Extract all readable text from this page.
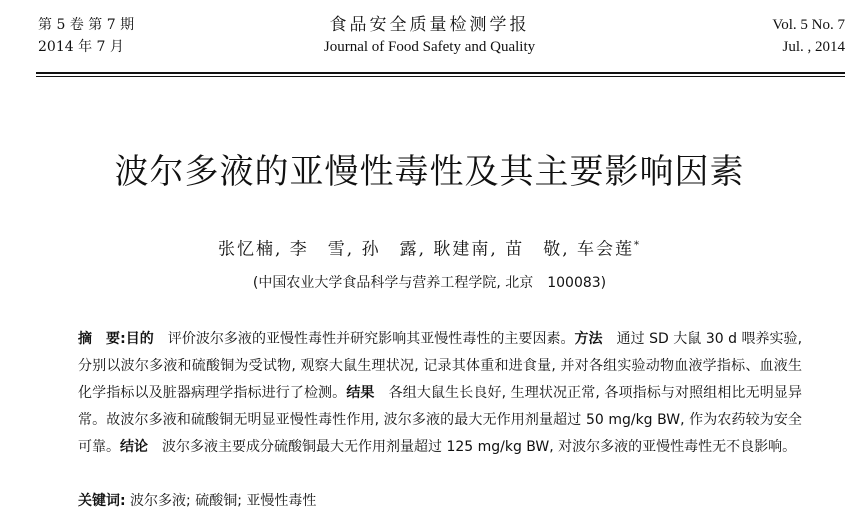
第 5 卷 第 7 期
2014 年 7 月
食品安全质量检测学报
Journal of Food Safety and Quality
Vol. 5 No. 7
Jul. , 2014
波尔多液的亚慢性毒性及其主要影响因素
张忆楠, 李　雪, 孙　露, 耿建南, 苗　敬, 车会莲*
(中国农业大学食品科学与营养工程学院, 北京　100083)
摘　要:目的　评价波尔多液的亚慢性毒性并研究影响其亚慢性毒性的主要因素。方法　通过 SD 大鼠 30 d 喂养实验, 分别以波尔多液和硫酸铜为受试物, 观察大鼠生理状况, 记录其体重和进食量, 并对各组实验动物血液学指标、血液生化学指标以及脏器病理学指标进行了检测。结果　各组大鼠生长良好, 生理状况正常, 各项指标与对照组相比无明显异常。故波尔多液和硫酸铜无明显亚慢性毒性作用, 波尔多液的最大无作用剂量超过 50 mg/kg BW, 作为农药较为安全可靠。结论　波尔多液主要成分硫酸铜最大无作用剂量超过 125 mg/kg BW, 对波尔多液的亚慢性毒性无不良影响。
关键词: 波尔多液; 硫酸铜; 亚慢性毒性
